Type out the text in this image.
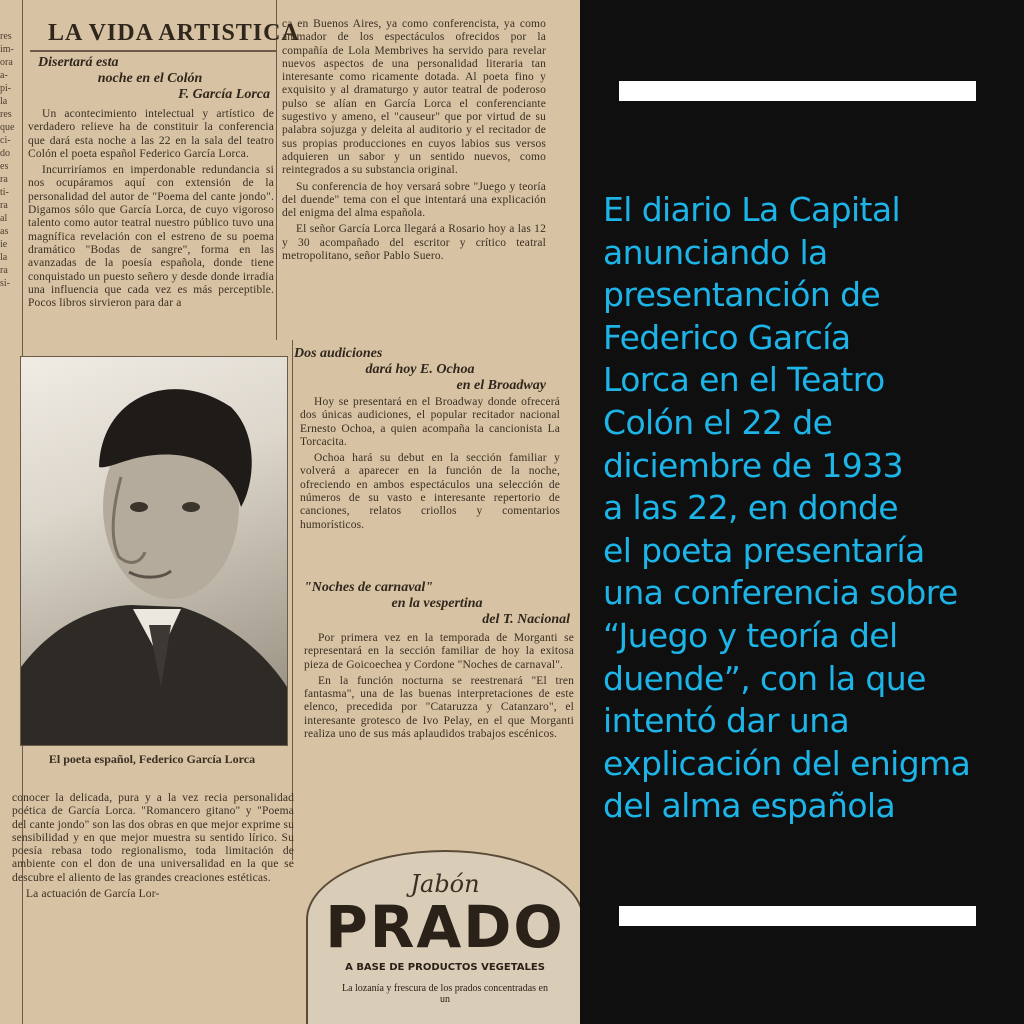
res
im-
ora
a-
pi-
la
res
que
ci-
do
es
ra
ti-
ra
al
as
ie
la
ra
si-
LA VIDA ARTISTICA
Disertará esta
noche en el Colón
F. García Lorca

Un acontecimiento intelectual y artístico de verdadero relieve ha de constituir la conferencia que dará esta noche a las 22 en la sala del teatro Colón el poeta español Federico García Lorca.

Incurriríamos en imperdonable redundancia si nos ocupáramos aquí con extensión de la personalidad del autor de "Poema del cante jondo". Digamos sólo que García Lorca, de cuyo vigoroso talento como autor teatral nuestro público tuvo una magnífica revelación con el estreno de su poema dramático "Bodas de sangre", forma en las avanzadas de la poesía española, donde tiene conquistado un puesto señero y desde donde irradia una influencia que cada vez es más perceptible. Pocos libros sirvieron para dar a

El poeta español, Federico García Lorca

conocer la delicada, pura y a la vez recia personalidad poética de García Lorca. "Romancero gitano" y "Poema del cante jondo" son las dos obras en que mejor exprime su sensibilidad y en que mejor muestra su sentido lírico. Su poesía rebasa todo regionalismo, toda limitación de ambiente con el don de una universalidad en la que se descubre el aliento de las grandes creaciones estéticas.

La actuación de García Lor-

ca en Buenos Aires, ya como conferencista, ya como animador de los espectáculos ofrecidos por la compañía de Lola Membrives ha servido para revelar nuevos aspectos de una personalidad literaria tan interesante como ricamente dotada. Al poeta fino y exquisito y al dramaturgo y autor teatral de poderoso pulso se alían en García Lorca el conferenciante sugestivo y ameno, el "causeur" que por virtud de su palabra sojuzga y deleita al auditorio y el recitador de sus propias producciones en cuyos labios sus versos adquieren un sabor y un sentido nuevos, como reintegrados a su substancia original.

Su conferencia de hoy versará sobre "Juego y teoría del duende" tema con el que intentará una explicación del enigma del alma española.

El señor García Lorca llegará a Rosario hoy a las 12 y 30 acompañado del escritor y crítico teatral metropolitano, señor Pablo Suero.

Dos audiciones
dará hoy E. Ochoa
en el Broadway

Hoy se presentará en el Broadway donde ofrecerá dos únicas audiciones, el popular recitador nacional Ernesto Ochoa, a quien acompaña la cancionista La Torcacita.

Ochoa hará su debut en la sección familiar y volverá a aparecer en la función de la noche, ofreciendo en ambos espectáculos una selección de números de su vasto e interesante repertorio de canciones, relatos criollos y comentarios humorísticos.

"Noches de carnaval"
en la vespertina
del T. Nacional

Por primera vez en la temporada de Morganti se representará en la sección familiar de hoy la exitosa pieza de Goicoechea y Cordone "Noches de carnaval".

En la función nocturna se reestrenará "El tren fantasma", una de las buenas interpretaciones de este elenco, precedida por "Cataruzza y Catanzaro", el interesante grotesco de Ivo Pelay, en el que Morganti realiza uno de sus más aplaudidos trabajos escénicos.

Jabón
PRADO
A BASE DE PRODUCTOS VEGETALES
La lozanía y frescura de los prados concentradas en un
El diario La Capital
anunciando la
presentanción de
Federico García
Lorca en el Teatro
Colón el 22 de
diciembre de 1933
a las 22, en donde
el poeta presentaría
una conferencia sobre
“Juego y teoría del
duende”, con la que
intentó dar una
explicación del enigma
del alma española
